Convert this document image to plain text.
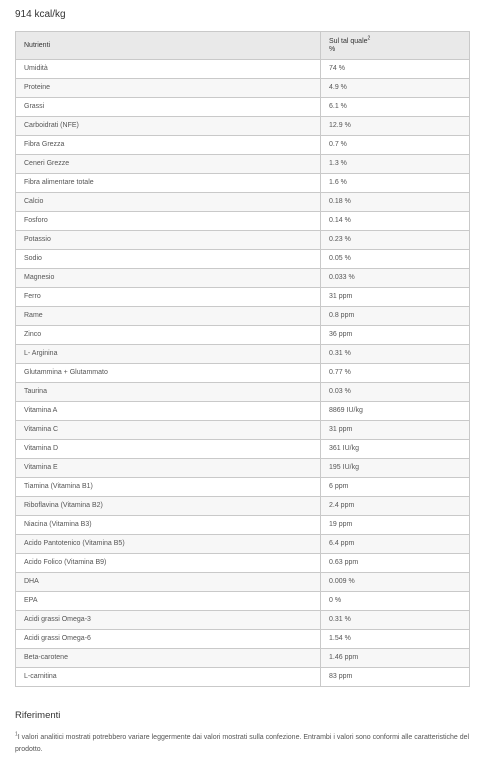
914 kcal/kg
Nutrienti	Sul tal quale$^2$
%
Umidità	74 %
Proteine	4.9 %
Grassi	6.1 %
Carboidrati (NFE)	12.9 %
Fibra Grezza	0.7 %
Ceneri Grezze	1.3 %
Fibra alimentare totale	1.6 %
Calcio	0.18 %
Fosforo	0.14 %
Potassio	0.23 %
Sodio	0.05 %
Magnesio	0.033 %
Ferro	31 ppm
Rame	0.8 ppm
Zinco	36 ppm
L- Arginina	0.31 %
Glutammina + Glutammato	0.77 %
Taurina	0.03 %
Vitamina A	8869 IU/kg
Vitamina C	31 ppm
Vitamina D	361 IU/kg
Vitamina E	195 IU/kg
Tiamina (Vitamina B1)	6 ppm
Riboflavina (Vitamina B2)	2.4 ppm
Niacina (Vitamina B3)	19 ppm
Acido Pantotenico (Vitamina B5)	6.4 ppm
Acido Folico (Vitamina B9)	0.63 ppm
DHA	0.009 %
EPA	0 %
Acidi grassi Omega-3	0.31 %
Acidi grassi Omega-6	1.54 %
Beta-carotene	1.46 ppm
L-carnitina	83 ppm
Riferimenti
$^1$I valori analitici mostrati potrebbero variare leggermente dai valori mostrati sulla confezione. Entrambi i valori sono conformi alle caratteristiche del prodotto.
